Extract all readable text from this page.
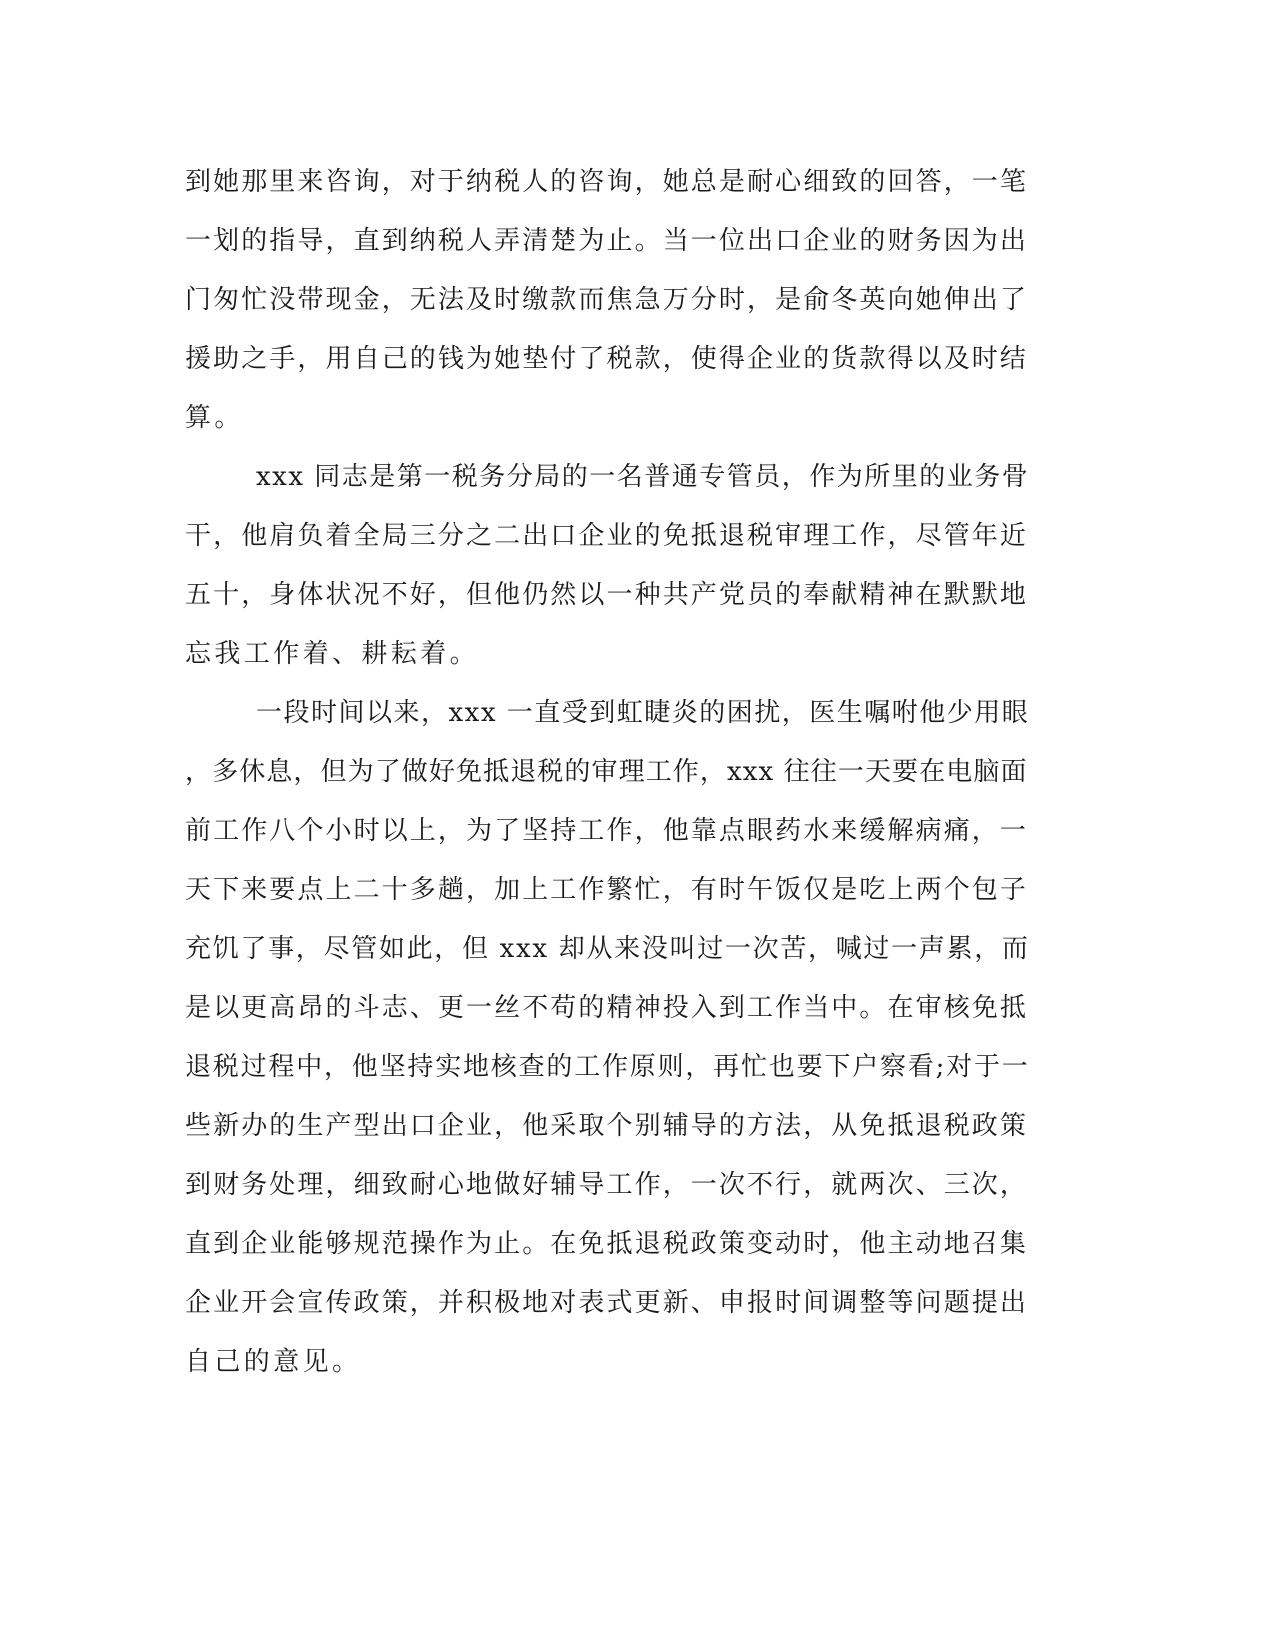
到她那里来咨询，对于纳税人的咨询，她总是耐心细致的回答，一笔
一划的指导，直到纳税人弄清楚为止。当一位出口企业的财务因为出
门匆忙没带现金，无法及时缴款而焦急万分时，是俞冬英向她伸出了
援助之手，用自己的钱为她垫付了税款，使得企业的货款得以及时结
算。
xxx 同志是第一税务分局的一名普通专管员，作为所里的业务骨
干，他肩负着全局三分之二出口企业的免抵退税审理工作，尽管年近
五十，身体状况不好，但他仍然以一种共产党员的奉献精神在默默地
忘我工作着、耕耘着。
一段时间以来，xxx 一直受到虹睫炎的困扰，医生嘱咐他少用眼
，多休息，但为了做好免抵退税的审理工作，xxx 往往一天要在电脑面
前工作八个小时以上，为了坚持工作，他靠点眼药水来缓解病痛，一
天下来要点上二十多趟，加上工作繁忙，有时午饭仅是吃上两个包子
充饥了事，尽管如此，但 xxx 却从来没叫过一次苦，喊过一声累，而
是以更高昂的斗志、更一丝不苟的精神投入到工作当中。在审核免抵
退税过程中，他坚持实地核查的工作原则，再忙也要下户察看;对于一
些新办的生产型出口企业，他采取个别辅导的方法，从免抵退税政策
到财务处理，细致耐心地做好辅导工作，一次不行，就两次、三次，
直到企业能够规范操作为止。在免抵退税政策变动时，他主动地召集
企业开会宣传政策，并积极地对表式更新、申报时间调整等问题提出
自己的意见。
